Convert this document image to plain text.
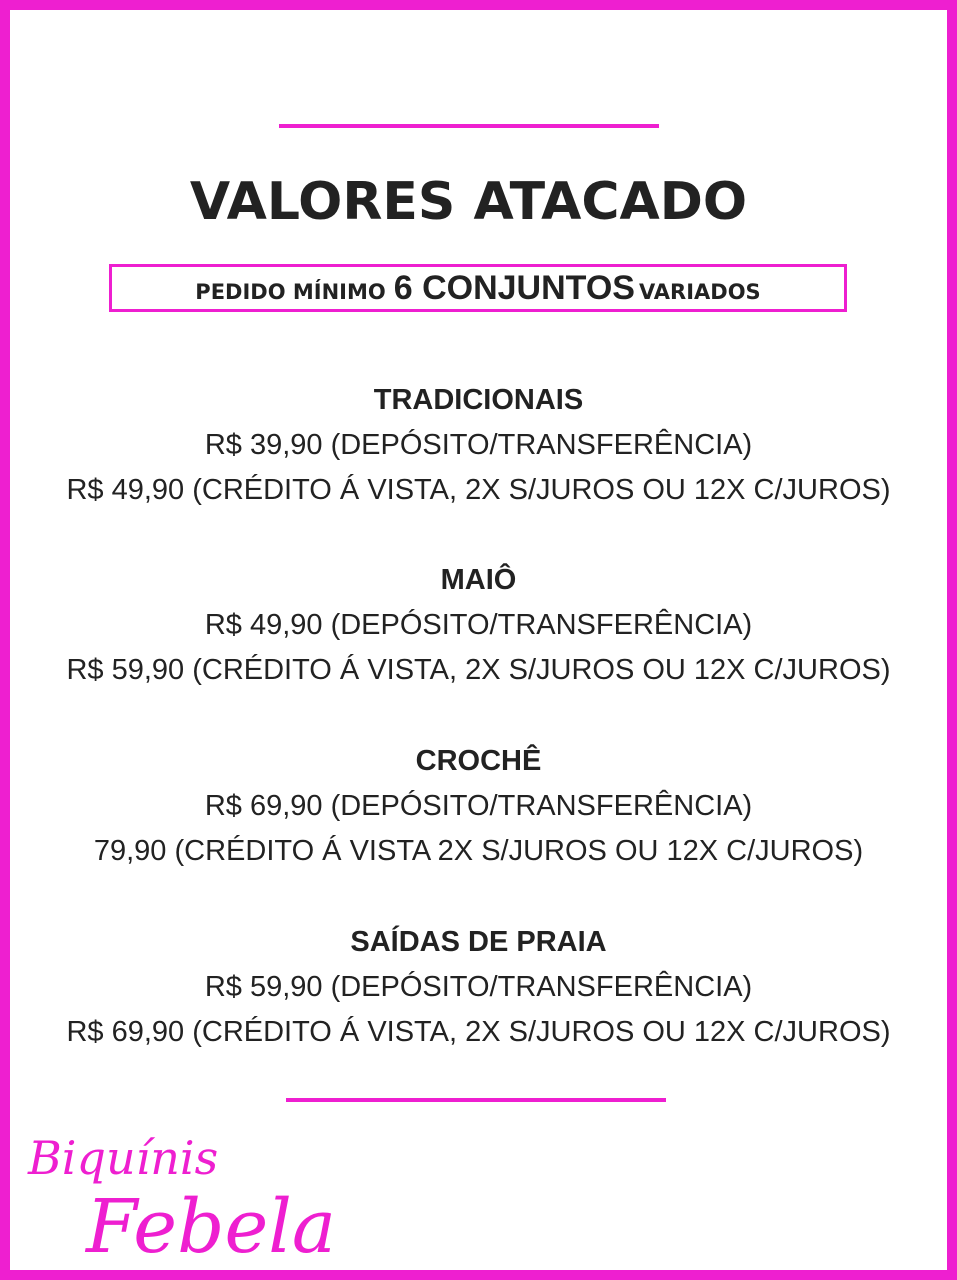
VALORES ATACADO
PEDIDO MÍNIMO 6 CONJUNTOS VARIADOS
TRADICIONAIS
R$ 39,90 (DEPÓSITO/TRANSFERÊNCIA)
R$ 49,90 (CRÉDITO Á VISTA, 2X S/JUROS OU 12X C/JUROS)
MAIÔ
R$ 49,90 (DEPÓSITO/TRANSFERÊNCIA)
R$ 59,90 (CRÉDITO Á VISTA, 2X S/JUROS OU 12X C/JUROS)
CROCHÊ
R$ 69,90 (DEPÓSITO/TRANSFERÊNCIA)
79,90 (CRÉDITO Á VISTA 2X S/JUROS OU 12X C/JUROS)
SAÍDAS DE PRAIA
R$ 59,90 (DEPÓSITO/TRANSFERÊNCIA)
R$ 69,90 (CRÉDITO Á VISTA, 2X S/JUROS OU 12X C/JUROS)
Biquínis
Febela
